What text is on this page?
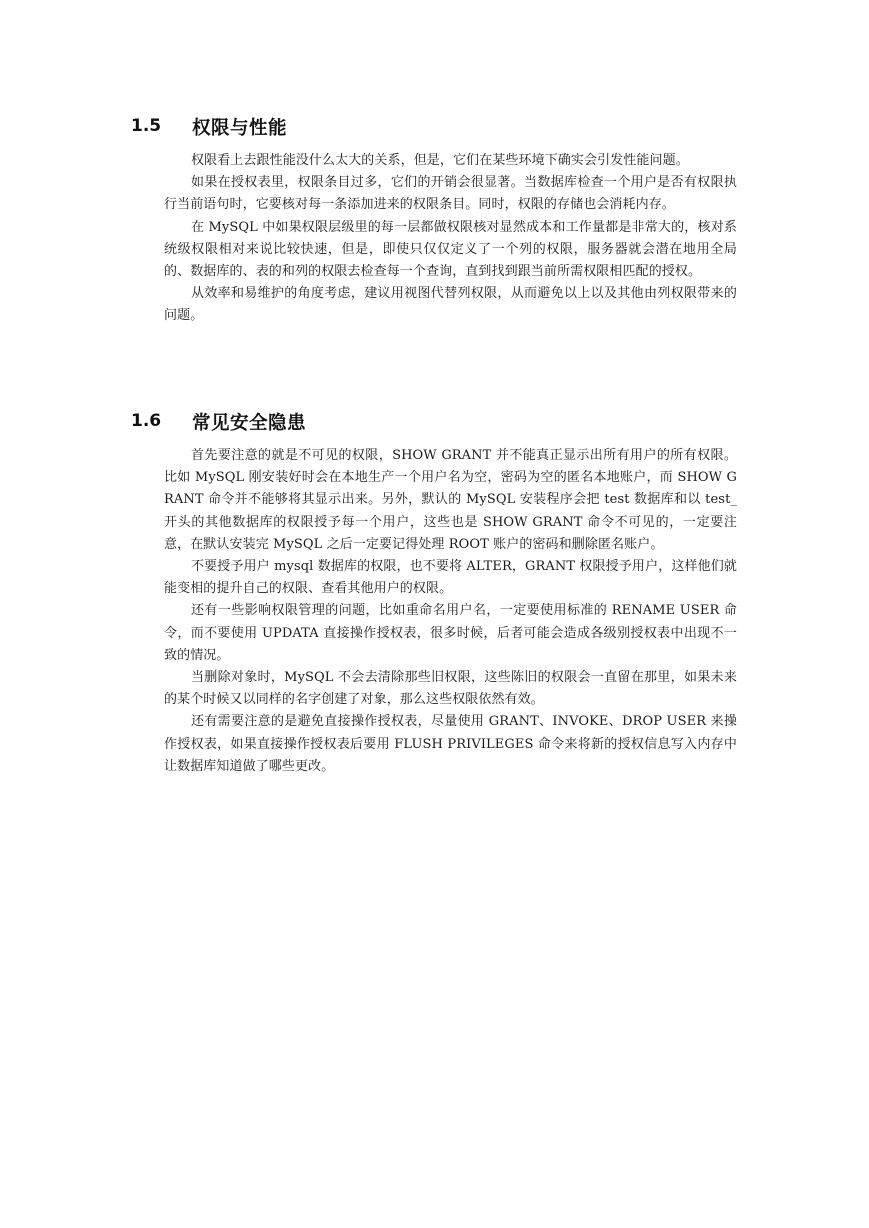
1.5 权限与性能

权限看上去跟性能没什么太大的关系，但是，它们在某些环境下确实会引发性能问题。

如果在授权表里，权限条目过多，它们的开销会很显著。当数据库检查一个用户是否有权限执行当前语句时，它要核对每一条添加进来的权限条目。同时，权限的存储也会消耗内存。

在 MySQL 中如果权限层级里的每一层都做权限核对显然成本和工作量都是非常大的，核对系统级权限相对来说比较快速，但是，即使只仅仅定义了一个列的权限，服务器就会潜在地用全局的、数据库的、表的和列的权限去检查每一个查询，直到找到跟当前所需权限相匹配的授权。

从效率和易维护的角度考虑，建议用视图代替列权限，从而避免以上以及其他由列权限带来的问题。

1.6 常见安全隐患

首先要注意的就是不可见的权限，SHOW GRANT 并不能真正显示出所有用户的所有权限。比如 MySQL 刚安装好时会在本地生产一个用户名为空，密码为空的匿名本地账户，而 SHOW GRANT 命令并不能够将其显示出来。另外，默认的 MySQL 安装程序会把 test 数据库和以 test_开头的其他数据库的权限授予每一个用户，这些也是 SHOW GRANT 命令不可见的，一定要注意，在默认安装完 MySQL 之后一定要记得处理 ROOT 账户的密码和删除匿名账户。

不要授予用户 mysql 数据库的权限，也不要将 ALTER，GRANT 权限授予用户，这样他们就能变相的提升自己的权限、查看其他用户的权限。

还有一些影响权限管理的问题，比如重命名用户名，一定要使用标准的 RENAME USER 命令，而不要使用 UPDATA 直接操作授权表，很多时候，后者可能会造成各级别授权表中出现不一致的情况。

当删除对象时，MySQL 不会去清除那些旧权限，这些陈旧的权限会一直留在那里，如果未来的某个时候又以同样的名字创建了对象，那么这些权限依然有效。

还有需要注意的是避免直接操作授权表，尽量使用 GRANT、INVOKE、DROP USER 来操作授权表，如果直接操作授权表后要用 FLUSH PRIVILEGES 命令来将新的授权信息写入内存中让数据库知道做了哪些更改。
